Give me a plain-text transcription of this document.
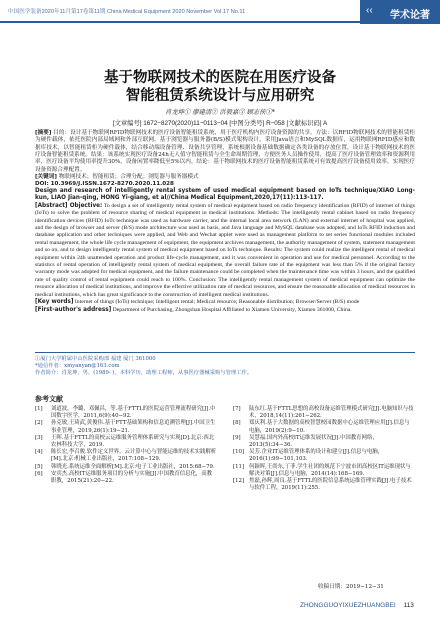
中国医学装备2020年11月第17卷第11期 China Medical Equipment 2020 November Vol.17 No.11	‹‹ 学术论著
基于物联网技术的医院在用医疗设备
智能租赁系统设计与应用研究
肖龙坤① 廖建清② 洪毅嘉③ 顾志侠①*
[文章编号] 1672−8270(2020)11−0113−04 [中图分类号] R−058 [文献标识码] A
[摘要] 目的：设计基于物联网RFID物联网技术的医疗设备智能租赁系统，用于医疗机构内医疗设备资源的共享。方法：以RFID物联网技术的智能租赁柜为硬件载体，依托医院内部局域网和外部互联网，基于浏览器与服务器(B/S)模式架构设计，采用Java语言和MySQL数据库，运用物联网RFID感应和数据库技术，以智能租赁柜为硬件载体，结合移动端设备管理、设备共享管理，系统根据设备基础数据确定各类设备的存放位置，设计基于物联网技术的医疗设备智能租赁系统。结果：该系统实现医疗设备24h无人值守智能租赁与全生命周期管理，方便医务人员操作使用，提高了医疗设备管理效率和资源利用率，医疗设备平均使用率提升30%，设备闲置率降低至5%以内。结论：基于物联网技术的医疗设备智能租赁系统可有效提高医疗设备使用效率，实现医疗设备资源合理配置。
[关键词] 物联网技术；智能租赁；合理分配；浏览器与服务器模式
DOI: 10.3969/J.ISSN.1672-8270.2020.11.028
Design and research of intelligently rental system of used medical equipment based on IoTs technique/XIAO Long-kun, LIAO Jian-qing, HONG Yi-giang, et al//China Medical Equipment,2020,17(11):113-117.
[Abstract] Objective: To design a set of intelligently rental system of medical equipment based on radio frequency identification (RFID) of internet of things (IoTs) to solve the problem of resource sharing of medical equipment in medical institutions. Methods: The intelligently rental cabinet based on radio frequency identification devices (RFID) IoTs technique was used as hardware carrier, and the internal local area network (LAN) and external internet of hospital was applied, and the design of browser and server (B/S) mode architecture was used as basis, and Java language and MySQL database was adopted, and IoTs RFID induction and database application and other techniques were applied, and Web and Wechat applet were used as management platform to set series functional modules included rental management, the whole life cycle management of equipment, the equipment archives management, the authority management of system, statement management and so on, and to design intelligently rental system of medical equipment based on IoTs technique. Results: The system could realize the intelligent rental of medical equipment within 24h unattended operation and product life-cycle management, and it was convenient in operation and use for medical personnel. According to the statistics of rental operation of intelligently rental system of medical equipment, the overall failure rate of the equipment was less than 5% if the original factory warranty mode was adopted for medical equipment, and the failure maintenance could be completed when the maintenance time was within 3 hours, and the qualified rate of quality control of rental equipment could reach to 100%. Conclusion: The intelligently rental management system of medical equipment can optimize the resource allocation of medical institutions, and improve the effective utilization rate of medical resources, and ensure the reasonable allocation of medical resources in medical institutions, which has great significance to the construction of intelligent medical institutions.
[Key words] Internet of things (IoTs) technique; Intelligent rental; Medical resource; Reasonable distribution; Browser/Server (B/S) mode
[First-author's address] Department of Purchasing, Zhongshan Hospital Affiliated to Xiamen University, Xiamen 361000, China.
①厦门大学附属中山医院采购部 福建 厦门 361000
*通信作者：xmyanyan@163.com
作者简介：肖龙坤，男，(1989- )，本科学历，助理工程师，从事医疗器械采购与管理工作。
参考文献
[1]	刘道波，李璐，邓佩昌，等.基于FTTL的医院运营管理流程研究[J].中国数字医学，2011,6(9):40−92.
[2]	孙克敏,王琦武,黄俊伟.基于FTT基础架构和信息追溯管理[J].中国卫生事业管理，2019,26(1):19−21.
[3]	王晖.基于FTTL的高校云运维服务管理体系研究与实现[D].北京:西北农林科技大学，2019.
[4]	陈长宏,李召骏.软件定义世界，云计算中心与智能运维的技术实践解析[M].北京:机械工业出版社，2017:108−129.
[5]	韩晓光.系统运维全面解析[M].北京:电子工业出版社，2015:68−79.
[6]	安宾杰.高校IT运维服务项目的分析与实施[J].中国教育信息化，高教职教，2015(21):20−22.
[7]	陆东红.基于FTTL思想的高校设备运维管理模式研究[J].电脑知识与技术，2018,14(11):261−262.
[8]	郑庆利.基于大数据的高校智慧校园数据中心运维管理应用[J].信息与电脑，2019(2):9−10.
[9]	吴慧福.国内外高校IT运维发展状况[J].中国教育网络，2013(5):34−36.
[10] 吴芳.企业IT运维管理体系的设计和建立[J].信息与电脑，2016(1):99−101,103.
[11] 何颖晖,王尚东,丁菲.学生社团的规范下宁波市团高校区IT运维现状与解决对策[J].信息与电脑，2014(14):168−169.
[12] 焦磊,孙辉,周良.基于FTTL的医院信息系统运维管理实践[J].电子技术与软件工程，2019(11):255.
收稿日期：2019−12−31
ZHONGGUOYIXUEZHUANGBEI 113
